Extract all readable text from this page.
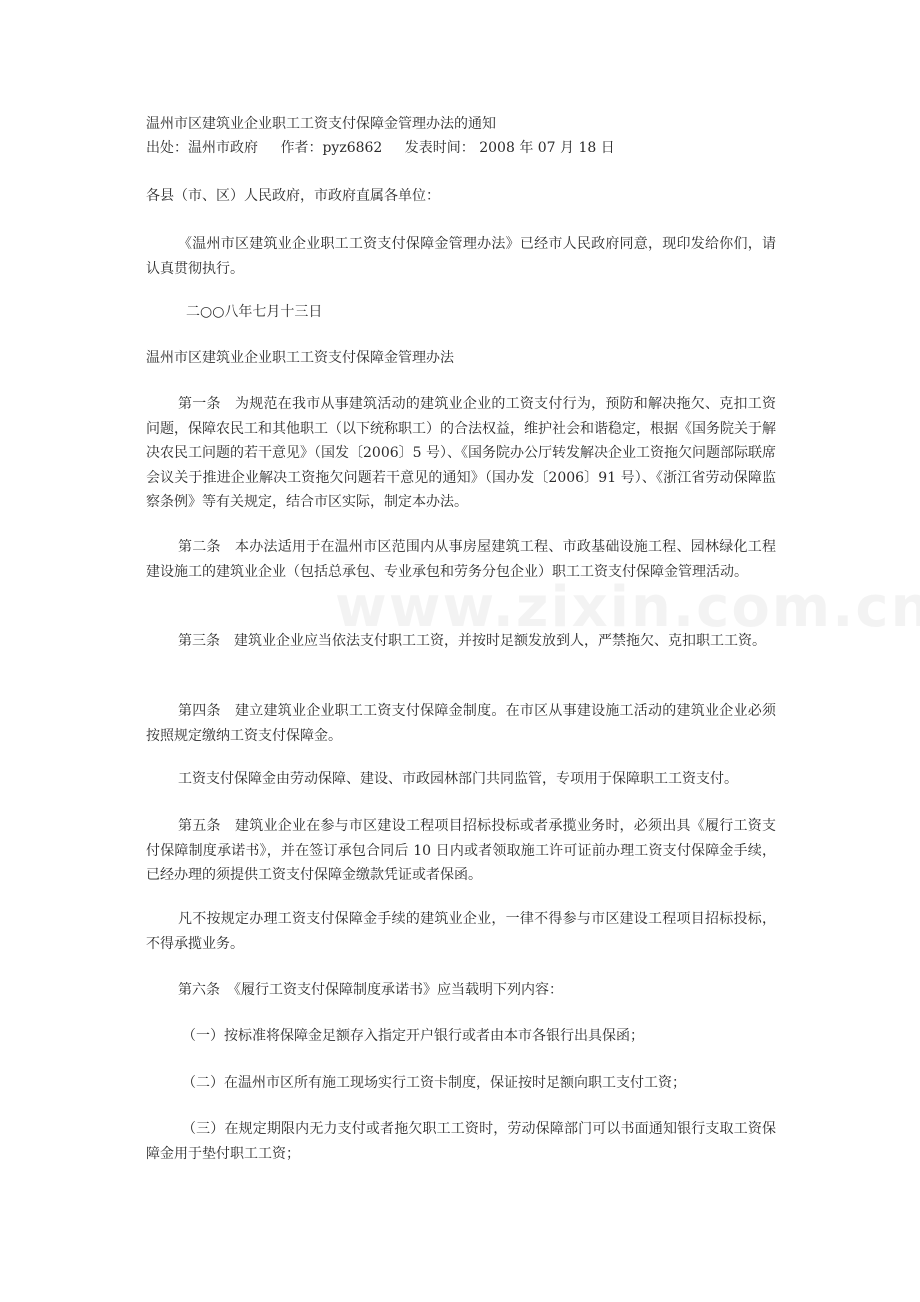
温州市区建筑业企业职工工资支付保障金管理办法的通知
出处：温州市政府 作者：pyz6862 发表时间： 2008 年 07 月 18 日
各县（市、区）人民政府，市政府直属各单位：
《温州市区建筑业企业职工工资支付保障金管理办法》已经市人民政府同意，现印发给你们，请认真贯彻执行。
二○○八年七月十三日
温州市区建筑业企业职工工资支付保障金管理办法
第一条　为规范在我市从事建筑活动的建筑业企业的工资支付行为，预防和解决拖欠、克扣工资问题，保障农民工和其他职工（以下统称职工）的合法权益，维护社会和谐稳定，根据《国务院关于解决农民工问题的若干意见》（国发〔2006〕5 号）、《国务院办公厅转发解决企业工资拖欠问题部际联席会议关于推进企业解决工资拖欠问题若干意见的通知》（国办发〔2006〕91 号）、《浙江省劳动保障监察条例》等有关规定，结合市区实际，制定本办法。
第二条　本办法适用于在温州市区范围内从事房屋建筑工程、市政基础设施工程、园林绿化工程建设施工的建筑业企业（包括总承包、专业承包和劳务分包企业）职工工资支付保障金管理活动。
第三条　建筑业企业应当依法支付职工工资，并按时足额发放到人，严禁拖欠、克扣职工工资。
第四条　建立建筑业企业职工工资支付保障金制度。在市区从事建设施工活动的建筑业企业必须按照规定缴纳工资支付保障金。
工资支付保障金由劳动保障、建设、市政园林部门共同监管，专项用于保障职工工资支付。
第五条　建筑业企业在参与市区建设工程项目招标投标或者承揽业务时，必须出具《履行工资支付保障制度承诺书》，并在签订承包合同后 10 日内或者领取施工许可证前办理工资支付保障金手续，已经办理的须提供工资支付保障金缴款凭证或者保函。
凡不按规定办理工资支付保障金手续的建筑业企业，一律不得参与市区建设工程项目招标投标，不得承揽业务。
第六条　《履行工资支付保障制度承诺书》应当载明下列内容：
（一）按标准将保障金足额存入指定开户银行或者由本市各银行出具保函；
（二）在温州市区所有施工现场实行工资卡制度，保证按时足额向职工支付工资；
（三）在规定期限内无力支付或者拖欠职工工资时，劳动保障部门可以书面通知银行支取工资保障金用于垫付职工工资；
